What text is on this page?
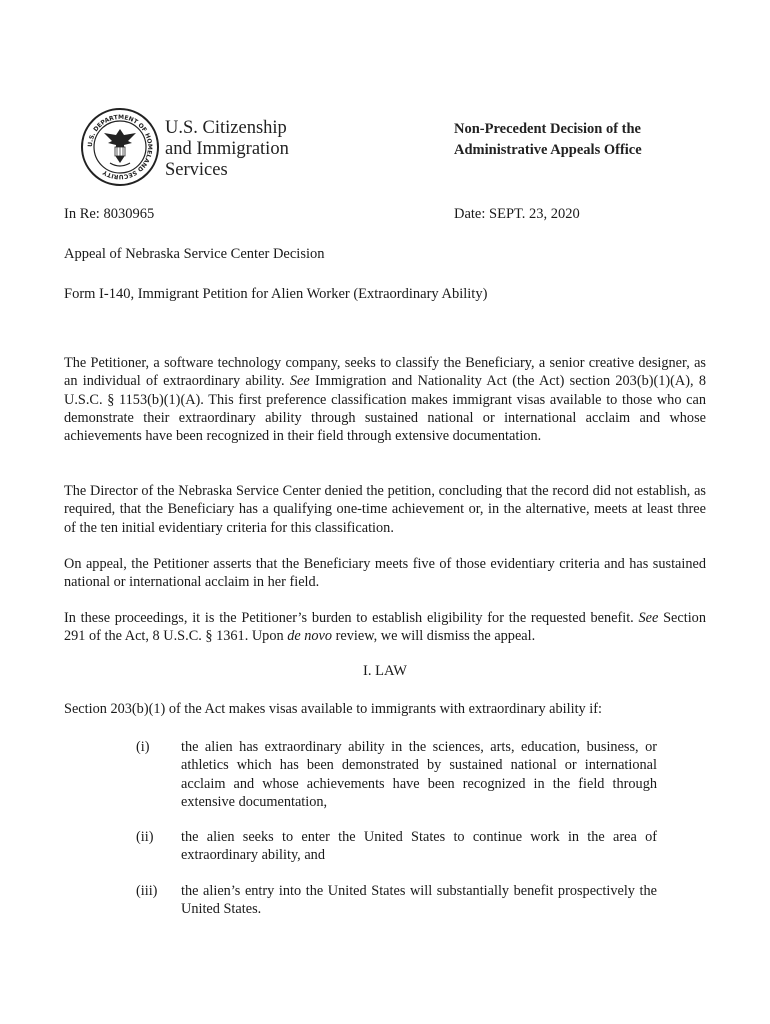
U.S. DEPARTMENT OF HOMELAND SECURITY
U.S. Citizenship
and Immigration
Services
Non-Precedent Decision of the
Administrative Appeals Office
In Re: 8030965	Date: SEPT. 23, 2020
Appeal of Nebraska Service Center Decision
Form I-140, Immigrant Petition for Alien Worker (Extraordinary Ability)

The Petitioner, a software technology company, seeks to classify the Beneficiary, a senior creative designer, as an individual of extraordinary ability. See Immigration and Nationality Act (the Act) section 203(b)(1)(A), 8 U.S.C. § 1153(b)(1)(A). This first preference classification makes immigrant visas available to those who can demonstrate their extraordinary ability through sustained national or international acclaim and whose achievements have been recognized in their field through extensive documentation.

The Director of the Nebraska Service Center denied the petition, concluding that the record did not establish, as required, that the Beneficiary has a qualifying one-time achievement or, in the alternative, meets at least three of the ten initial evidentiary criteria for this classification.

On appeal, the Petitioner asserts that the Beneficiary meets five of those evidentiary criteria and has sustained national or international acclaim in her field.

In these proceedings, it is the Petitioner’s burden to establish eligibility for the requested benefit. See Section 291 of the Act, 8 U.S.C. § 1361. Upon de novo review, we will dismiss the appeal.

I. LAW

Section 203(b)(1) of the Act makes visas available to immigrants with extraordinary ability if:

(i) the alien has extraordinary ability in the sciences, arts, education, business, or athletics which has been demonstrated by sustained national or international acclaim and whose achievements have been recognized in the field through extensive documentation,
(ii) the alien seeks to enter the United States to continue work in the area of extraordinary ability, and
(iii) the alien’s entry into the United States will substantially benefit prospectively the United States.
